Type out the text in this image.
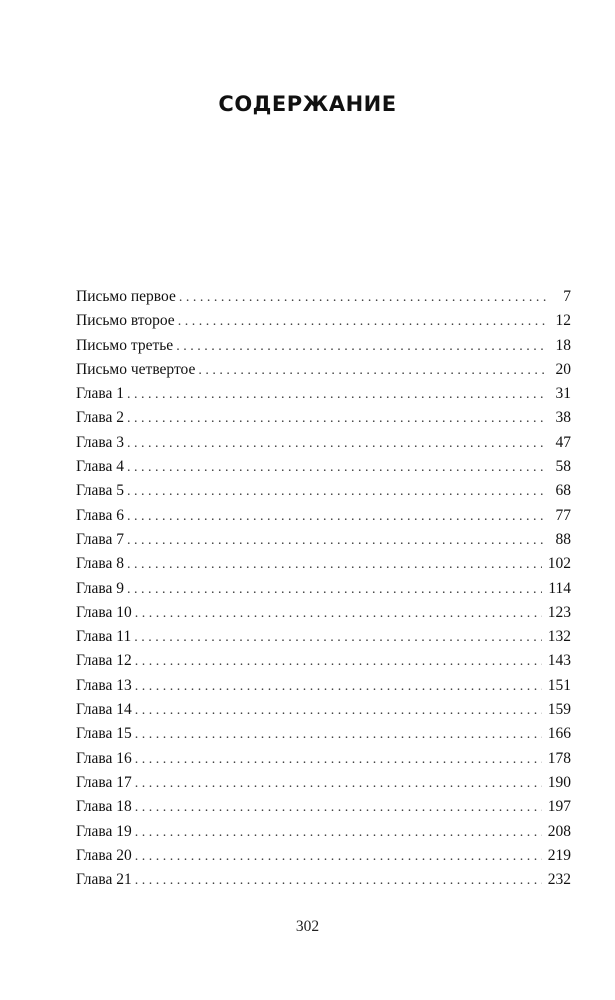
СОДЕРЖАНИЕ
Письмо первое . . .	7
Письмо второе . . .	12
Письмо третье . . .	18
Письмо четвертое . . .	20
Глава 1 . . .	31
Глава 2 . . .	38
Глава 3 . . .	47
Глава 4 . . .	58
Глава 5 . . .	68
Глава 6 . . .	77
Глава 7 . . .	88
Глава 8 . . .	102
Глава 9 . . .	114
Глава 10 . . .	123
Глава 11 . . .	132
Глава 12 . . .	143
Глава 13 . . .	151
Глава 14 . . .	159
Глава 15 . . .	166
Глава 16 . . .	178
Глава 17 . . .	190
Глава 18 . . .	197
Глава 19 . . .	208
Глава 20 . . .	219
Глава 21 . . .	232
302
